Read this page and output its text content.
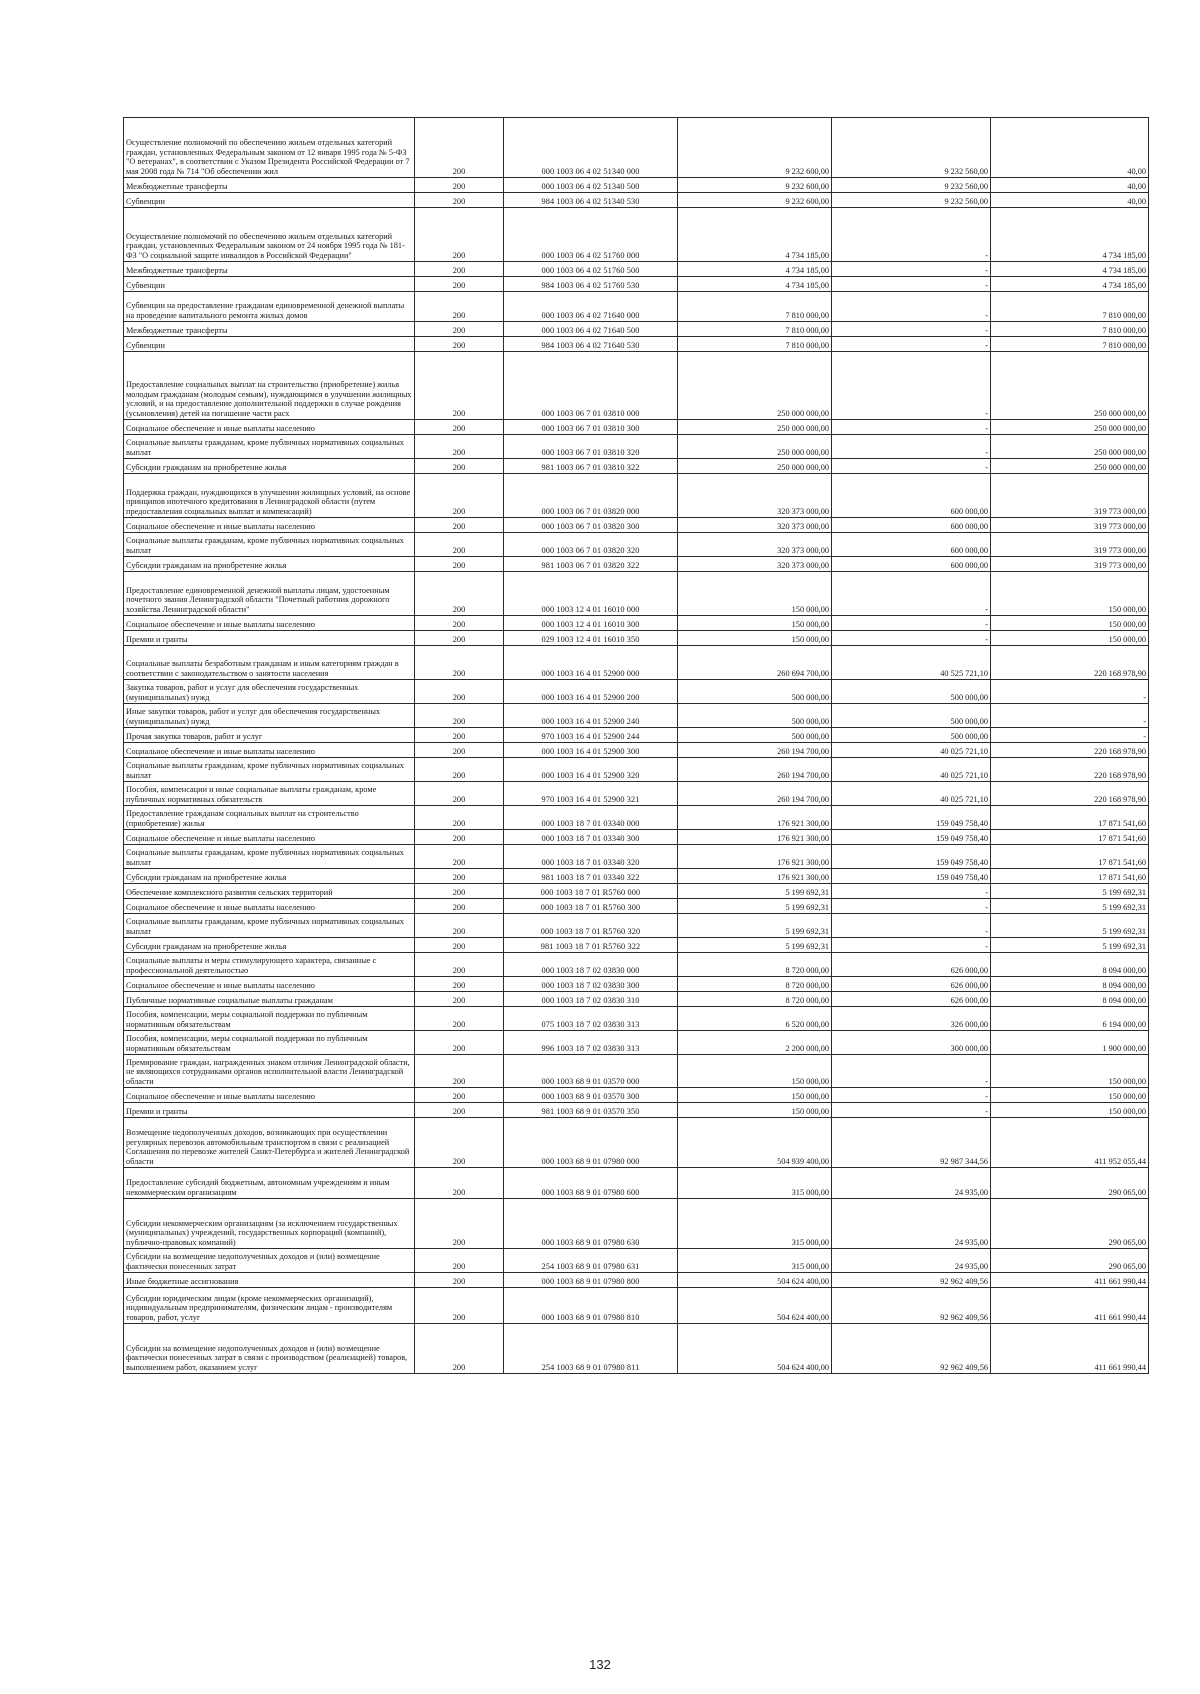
Осуществление полномочий по обеспечению жильем отдельных категорий граждан, установленных Федеральным законом от 12 января 1995 года № 5-ФЗ "О ветеранах", в соответствии с Указом Президента Российской Федерации от 7 мая 2008 года № 714 "Об обеспечении жил	200	000 1003 06 4 02 51340 000	9 232 600,00	9 232 560,00	40,00
Межбюджетные трансферты	200	000 1003 06 4 02 51340 500	9 232 600,00	9 232 560,00	40,00
Субвенции	200	984 1003 06 4 02 51340 530	9 232 600,00	9 232 560,00	40,00
Осуществление полномочий по обеспечению жильем отдельных категорий граждан, установленных Федеральным законом от 24 ноября 1995 года № 181-ФЗ "О социальной защите инвалидов в Российской Федерации"	200	000 1003 06 4 02 51760 000	4 734 185,00	-	4 734 185,00
Межбюджетные трансферты	200	000 1003 06 4 02 51760 500	4 734 185,00	-	4 734 185,00
Субвенции	200	984 1003 06 4 02 51760 530	4 734 185,00	-	4 734 185,00
Субвенции на предоставление гражданам единовременной денежной выплаты на проведение капитального ремонта жилых домов	200	000 1003 06 4 02 71640 000	7 810 000,00	-	7 810 000,00
Межбюджетные трансферты	200	000 1003 06 4 02 71640 500	7 810 000,00	-	7 810 000,00
Субвенции	200	984 1003 06 4 02 71640 530	7 810 000,00	-	7 810 000,00
Предоставление социальных выплат на строительство (приобретение) жилья молодым гражданам (молодым семьям), нуждающимся в улучшении жилищных условий, и на предоставление дополнительной поддержки в случае рождения (усыновления) детей на погашение части расх	200	000 1003 06 7 01 03810 000	250 000 000,00	-	250 000 000,00
Социальное обеспечение и иные выплаты населению	200	000 1003 06 7 01 03810 300	250 000 000,00	-	250 000 000,00
Социальные выплаты гражданам, кроме публичных нормативных социальных выплат	200	000 1003 06 7 01 03810 320	250 000 000,00	-	250 000 000,00
Субсидии гражданам на приобретение жилья	200	981 1003 06 7 01 03810 322	250 000 000,00	-	250 000 000,00
Поддержка граждан, нуждающихся в улучшении жилищных условий, на основе принципов ипотечного кредитования в Ленинградской области (путем предоставления социальных выплат и компенсаций)	200	000 1003 06 7 01 03820 000	320 373 000,00	600 000,00	319 773 000,00
Социальное обеспечение и иные выплаты населению	200	000 1003 06 7 01 03820 300	320 373 000,00	600 000,00	319 773 000,00
Социальные выплаты гражданам, кроме публичных нормативных социальных выплат	200	000 1003 06 7 01 03820 320	320 373 000,00	600 000,00	319 773 000,00
Субсидии гражданам на приобретение жилья	200	981 1003 06 7 01 03820 322	320 373 000,00	600 000,00	319 773 000,00
Предоставление единовременной денежной выплаты лицам, удостоенным почетного звания Ленинградской области "Почетный работник дорожного хозяйства Ленинградской области"	200	000 1003 12 4 01 16010 000	150 000,00	-	150 000,00
Социальное обеспечение и иные выплаты населению	200	000 1003 12 4 01 16010 300	150 000,00	-	150 000,00
Премии и гранты	200	029 1003 12 4 01 16010 350	150 000,00	-	150 000,00
Социальные выплаты безработным гражданам и иным категориям граждан в соответствии с законодательством о занятости населения	200	000 1003 16 4 01 52900 000	260 694 700,00	40 525 721,10	220 168 978,90
Закупка товаров, работ и услуг для обеспечения государственных (муниципальных) нужд	200	000 1003 16 4 01 52900 200	500 000,00	500 000,00	-
Иные закупки товаров, работ и услуг для обеспечения государственных (муниципальных) нужд	200	000 1003 16 4 01 52900 240	500 000,00	500 000,00	-
Прочая закупка товаров, работ и услуг	200	970 1003 16 4 01 52900 244	500 000,00	500 000,00	-
Социальное обеспечение и иные выплаты населению	200	000 1003 16 4 01 52900 300	260 194 700,00	40 025 721,10	220 168 978,90
Социальные выплаты гражданам, кроме публичных нормативных социальных выплат	200	000 1003 16 4 01 52900 320	260 194 700,00	40 025 721,10	220 168 978,90
Пособия, компенсации и иные социальные выплаты гражданам, кроме публичных нормативных обязательств	200	970 1003 16 4 01 52900 321	260 194 700,00	40 025 721,10	220 168 978,90
Предоставление гражданам социальных выплат на строительство (приобретение) жилья	200	000 1003 18 7 01 03340 000	176 921 300,00	159 049 758,40	17 871 541,60
Социальное обеспечение и иные выплаты населению	200	000 1003 18 7 01 03340 300	176 921 300,00	159 049 758,40	17 871 541,60
Социальные выплаты гражданам, кроме публичных нормативных социальных выплат	200	000 1003 18 7 01 03340 320	176 921 300,00	159 049 758,40	17 871 541,60
Субсидии гражданам на приобретение жилья	200	981 1003 18 7 01 03340 322	176 921 300,00	159 049 758,40	17 871 541,60
Обеспечение комплексного развития сельских территорий	200	000 1003 18 7 01 R5760 000	5 199 692,31	-	5 199 692,31
Социальное обеспечение и иные выплаты населению	200	000 1003 18 7 01 R5760 300	5 199 692,31	-	5 199 692,31
Социальные выплаты гражданам, кроме публичных нормативных социальных выплат	200	000 1003 18 7 01 R5760 320	5 199 692,31	-	5 199 692,31
Субсидии гражданам на приобретение жилья	200	981 1003 18 7 01 R5760 322	5 199 692,31	-	5 199 692,31
Социальные выплаты и меры стимулирующего характера, связанные с профессиональной деятельностью	200	000 1003 18 7 02 03830 000	8 720 000,00	626 000,00	8 094 000,00
Социальное обеспечение и иные выплаты населению	200	000 1003 18 7 02 03830 300	8 720 000,00	626 000,00	8 094 000,00
Публичные нормативные социальные выплаты гражданам	200	000 1003 18 7 02 03830 310	8 720 000,00	626 000,00	8 094 000,00
Пособия, компенсации, меры социальной поддержки по публичным нормативным обязательствам	200	075 1003 18 7 02 03830 313	6 520 000,00	326 000,00	6 194 000,00
Пособия, компенсации, меры социальной поддержки по публичным нормативным обязательствам	200	996 1003 18 7 02 03830 313	2 200 000,00	300 000,00	1 900 000,00
Премирование граждан, награжденных знаком отличия Ленинградской области, не являющихся сотрудниками органов исполнительной власти Ленинградской области	200	000 1003 68 9 01 03570 000	150 000,00	-	150 000,00
Социальное обеспечение и иные выплаты населению	200	000 1003 68 9 01 03570 300	150 000,00	-	150 000,00
Премии и гранты	200	981 1003 68 9 01 03570 350	150 000,00	-	150 000,00
Возмещение недополученных доходов, возникающих при осуществлении регулярных перевозок автомобильным транспортом в связи с реализацией Соглашения по перевозке жителей Санкт-Петербурга и жителей Ленинградской области	200	000 1003 68 9 01 07980 000	504 939 400,00	92 987 344,56	411 952 055,44
Предоставление субсидий бюджетным, автономным учреждениям и иным некоммерческим организациям	200	000 1003 68 9 01 07980 600	315 000,00	24 935,00	290 065,00
Субсидии некоммерческим организациям (за исключением государственных (муниципальных) учреждений, государственных корпораций (компаний), публично-правовых компаний)	200	000 1003 68 9 01 07980 630	315 000,00	24 935,00	290 065,00
Субсидии на возмещение недополученных доходов и (или) возмещение фактически понесенных затрат	200	254 1003 68 9 01 07980 631	315 000,00	24 935,00	290 065,00
Иные бюджетные ассигнования	200	000 1003 68 9 01 07980 800	504 624 400,00	92 962 409,56	411 661 990,44
Субсидии юридическим лицам (кроме некоммерческих организаций), индивидуальным предпринимателям, физическим лицам - производителям товаров, работ, услуг	200	000 1003 68 9 01 07980 810	504 624 400,00	92 962 409,56	411 661 990,44
Субсидии на возмещение недополученных доходов и (или) возмещение фактически понесенных затрат в связи с производством (реализацией) товаров, выполнением работ, оказанием услуг	200	254 1003 68 9 01 07980 811	504 624 400,00	92 962 409,56	411 661 990,44
132
